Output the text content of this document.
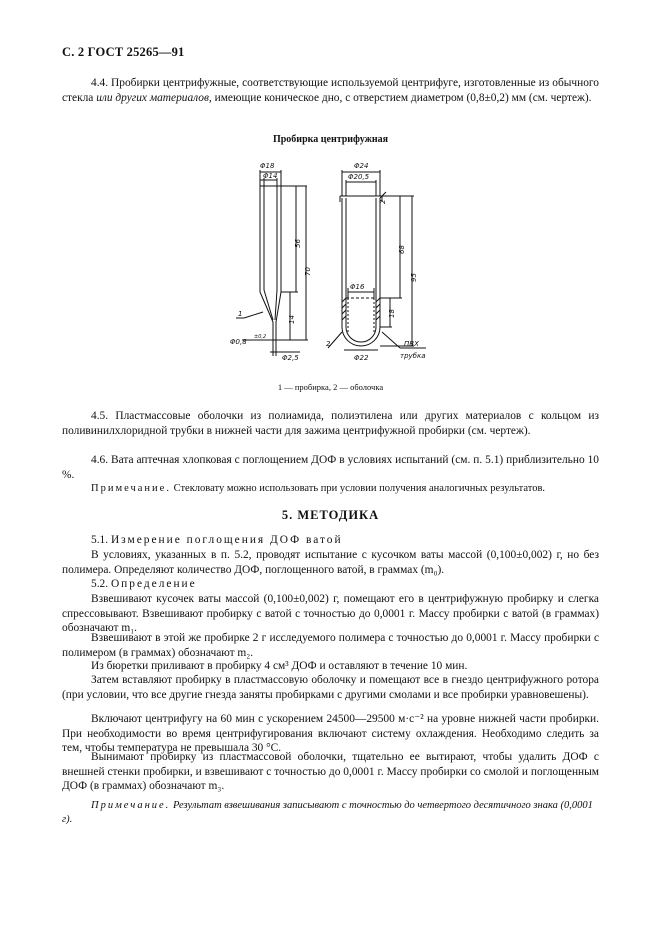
С. 2 ГОСТ 25265—91
4.4. Пробирки центрифужные, соответствующие используемой центрифуге, изготовленные из обычного стекла или других материалов, имеющие коническое дно, с отверстием диаметром (0,8±0,2) мм (см. чертеж).
Пробирка центрифужная
Φ18
Φ14
Φ24
Φ20,5
56
70
14
68
95
18
2
Φ16
Φ22
Φ2,5
Φ0,8
±0,2
1
2	ПВХ
трубка
1 — пробирка, 2 — оболочка
4.5. Пластмассовые оболочки из полиамида, полиэтилена или других материалов с кольцом из поливинилхлоридной трубки в нижней части для зажима центрифужной пробирки (см. чертеж).
4.6. Вата аптечная хлопковая с поглощением ДОФ в условиях испытаний (см. п. 5.1) приблизительно 10 %.
Примечание. Стекловату можно использовать при условии получения аналогичных результатов.
5. МЕТОДИКА
5.1. Измерение поглощения ДОФ ватой
В условиях, указанных в п. 5.2, проводят испытание с кусочком ваты массой (0,100±0,002) г, но без полимера. Определяют количество ДОФ, поглощенного ватой, в граммах (m₀).
5.2. Определение
Взвешивают кусочек ваты массой (0,100±0,002) г, помещают его в центрифужную пробирку и слегка спрессовывают. Взвешивают пробирку с ватой с точностью до 0,0001 г. Массу пробирки с ватой (в граммах) обозначают m₁.
Взвешивают в этой же пробирке 2 г исследуемого полимера с точностью до 0,0001 г. Массу пробирки с полимером (в граммах) обозначают m₂.
Из бюретки приливают в пробирку 4 см³ ДОФ и оставляют в течение 10 мин.
Затем вставляют пробирку в пластмассовую оболочку и помещают все в гнездо центрифужного ротора (при условии, что все другие гнезда заняты пробирками с другими смолами и все пробирки уравновешены).
Включают центрифугу на 60 мин с ускорением 24500—29500 м·с⁻² на уровне нижней части пробирки. При необходимости во время центрифугирования включают систему охлаждения. Необходимо следить за тем, чтобы температура не превышала 30 °С.
Вынимают пробирку из пластмассовой оболочки, тщательно ее вытирают, чтобы удалить ДОФ с внешней стенки пробирки, и взвешивают с точностью до 0,0001 г. Массу пробирки со смолой и поглощенным ДОФ (в граммах) обозначают m₃.
Примечание. Результат взвешивания записывают с точностью до четвертого десятичного знака (0,0001 г).
